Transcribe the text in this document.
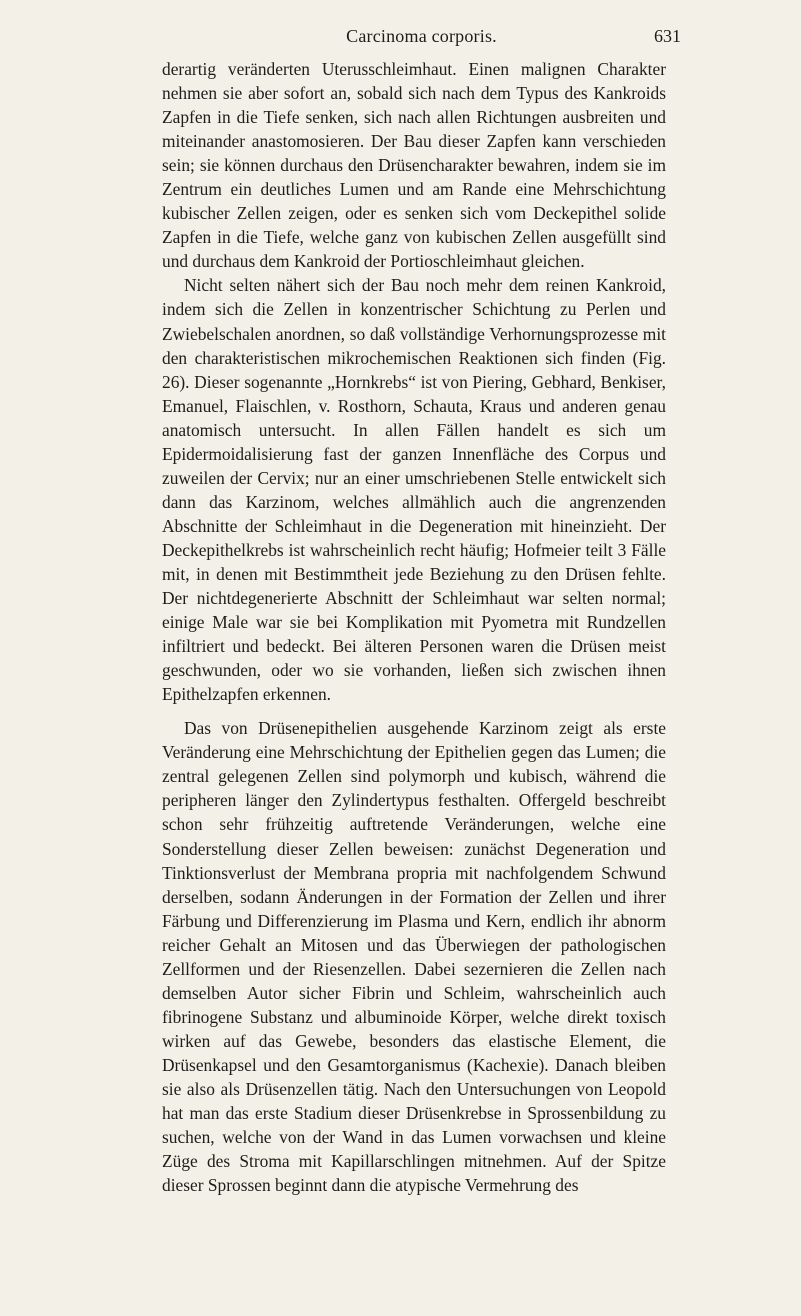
Carcinoma corporis.	631

derartig veränderten Uterusschleimhaut. Einen malignen Charakter nehmen sie aber sofort an, sobald sich nach dem Typus des Kankroids Zapfen in die Tiefe senken, sich nach allen Richtungen ausbreiten und miteinander anastomosieren. Der Bau dieser Zapfen kann verschieden sein; sie können durchaus den Drüsencharakter bewahren, indem sie im Zentrum ein deutliches Lumen und am Rande eine Mehrschichtung kubischer Zellen zeigen, oder es senken sich vom Deckepithel solide Zapfen in die Tiefe, welche ganz von kubischen Zellen ausgefüllt sind und durchaus dem Kankroid der Portioschleimhaut gleichen.

Nicht selten nähert sich der Bau noch mehr dem reinen Kankroid, indem sich die Zellen in konzentrischer Schichtung zu Perlen und Zwiebelschalen anordnen, so daß vollständige Verhornungsprozesse mit den charakteristischen mikrochemischen Reaktionen sich finden (Fig. 26). Dieser sogenannte „Hornkrebs“ ist von Piering, Gebhard, Benkiser, Emanuel, Flaischlen, v. Rosthorn, Schauta, Kraus und anderen genau anatomisch untersucht. In allen Fällen handelt es sich um Epidermoidalisierung fast der ganzen Innenfläche des Corpus und zuweilen der Cervix; nur an einer umschriebenen Stelle entwickelt sich dann das Karzinom, welches allmählich auch die angrenzenden Abschnitte der Schleimhaut in die Degeneration mit hineinzieht. Der Deckepithelkrebs ist wahrscheinlich recht häufig; Hofmeier teilt 3 Fälle mit, in denen mit Bestimmtheit jede Beziehung zu den Drüsen fehlte. Der nichtdegenerierte Abschnitt der Schleimhaut war selten normal; einige Male war sie bei Komplikation mit Pyometra mit Rundzellen infiltriert und bedeckt. Bei älteren Personen waren die Drüsen meist geschwunden, oder wo sie vorhanden, ließen sich zwischen ihnen Epithelzapfen erkennen.

Das von Drüsenepithelien ausgehende Karzinom zeigt als erste Veränderung eine Mehrschichtung der Epithelien gegen das Lumen; die zentral gelegenen Zellen sind polymorph und kubisch, während die peripheren länger den Zylindertypus festhalten. Offergeld beschreibt schon sehr frühzeitig auftretende Veränderungen, welche eine Sonderstellung dieser Zellen beweisen: zunächst Degeneration und Tinktionsverlust der Membrana propria mit nachfolgendem Schwund derselben, sodann Änderungen in der Formation der Zellen und ihrer Färbung und Differenzierung im Plasma und Kern, endlich ihr abnorm reicher Gehalt an Mitosen und das Überwiegen der pathologischen Zellformen und der Riesenzellen. Dabei sezernieren die Zellen nach demselben Autor sicher Fibrin und Schleim, wahrscheinlich auch fibrinogene Substanz und albuminoide Körper, welche direkt toxisch wirken auf das Gewebe, besonders das elastische Element, die Drüsenkapsel und den Gesamtorganismus (Kachexie). Danach bleiben sie also als Drüsenzellen tätig. Nach den Untersuchungen von Leopold hat man das erste Stadium dieser Drüsenkrebse in Sprossenbildung zu suchen, welche von der Wand in das Lumen vorwachsen und kleine Züge des Stroma mit Kapillarschlingen mitnehmen. Auf der Spitze dieser Sprossen beginnt dann die atypische Vermehrung des
